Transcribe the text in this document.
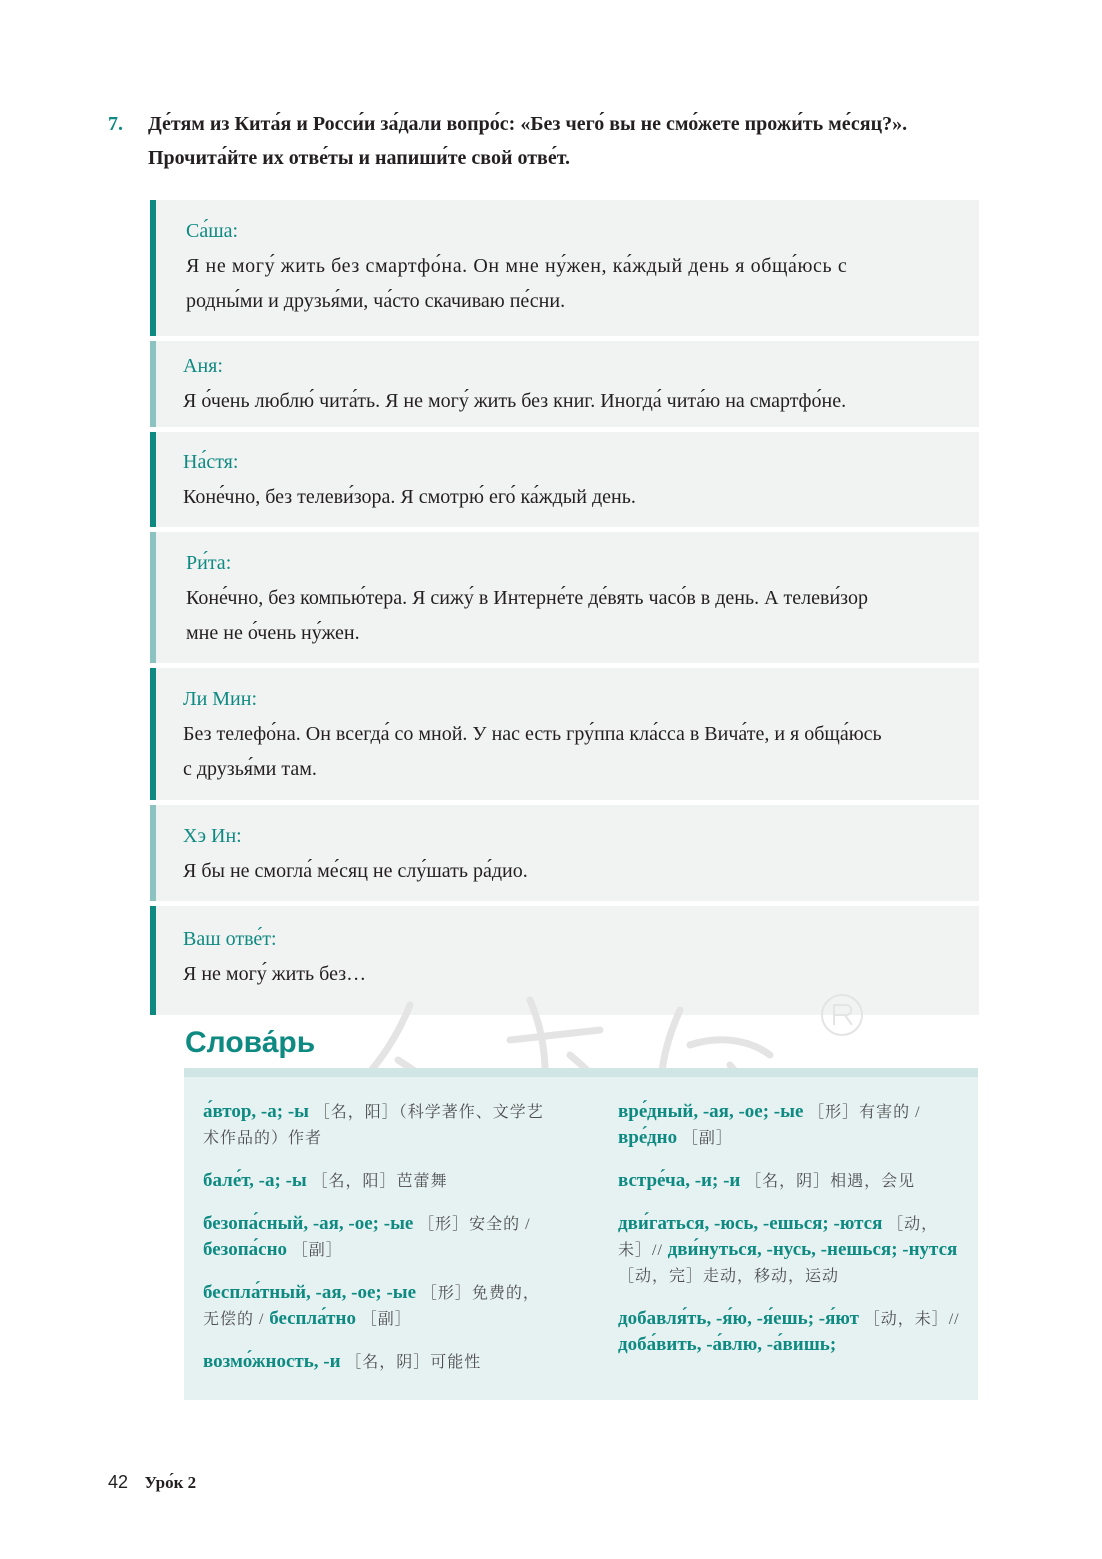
7. Де́тям из Кита́я и Росси́и за́дали вопро́с: «Без чего́ вы не смо́жете прожи́ть ме́сяц?».
Прочита́йте их отве́ты и напиши́те свой отве́т.
Са́ша:
Я не могу́ жить без смартфо́на. Он мне ну́жен, ка́ждый день я обща́юсь с
родны́ми и друзья́ми, ча́сто скачиваю пе́сни.
Аня:
Я о́чень люблю́ чита́ть. Я не могу́ жить без книг. Иногда́ чита́ю на смартфо́не.
На́стя:
Коне́чно, без телеви́зора. Я смотрю́ его́ ка́ждый день.
Ри́та:
Коне́чно, без компью́тера. Я сижу́ в Интерне́те де́вять часо́в в день. А телеви́зор
мне не о́чень ну́жен.
Ли Мин:
Без телефо́на. Он всегда́ со мной. У нас есть гру́ппа кла́сса в Вича́те, и я обща́юсь
с друзья́ми там.
Хэ Ин:
Я бы не смогла́ ме́сяц не слу́шать ра́дио.
Ваш отве́т:
Я не могу́ жить без…
Слова́рь
а́втор, -а; -ы ［名，阳］（科学著作、文学艺术作品的）作者
бале́т, -а; -ы ［名，阳］芭蕾舞
безопа́сный, -ая, -ое; -ые ［形］安全的 / безопа́сно ［副］
беспла́тный, -ая, -ое; -ые ［形］免费的，无偿的 / беспла́тно ［副］
возмо́жность, -и ［名，阴］可能性
вре́дный, -ая, -ое; -ые ［形］有害的 / вре́дно ［副］
встре́ча, -и; -и ［名，阴］相遇，会见
дви́гаться, -юсь, -ешься; -ются ［动，未］// дви́нуться, -нусь, -нешься; -нутся ［动，完］走动，移动，运动
добавля́ть, -я́ю, -я́ешь; -я́ют ［动，未］// доба́вить, -а́влю, -а́вишь;
42 Уро́к 2
